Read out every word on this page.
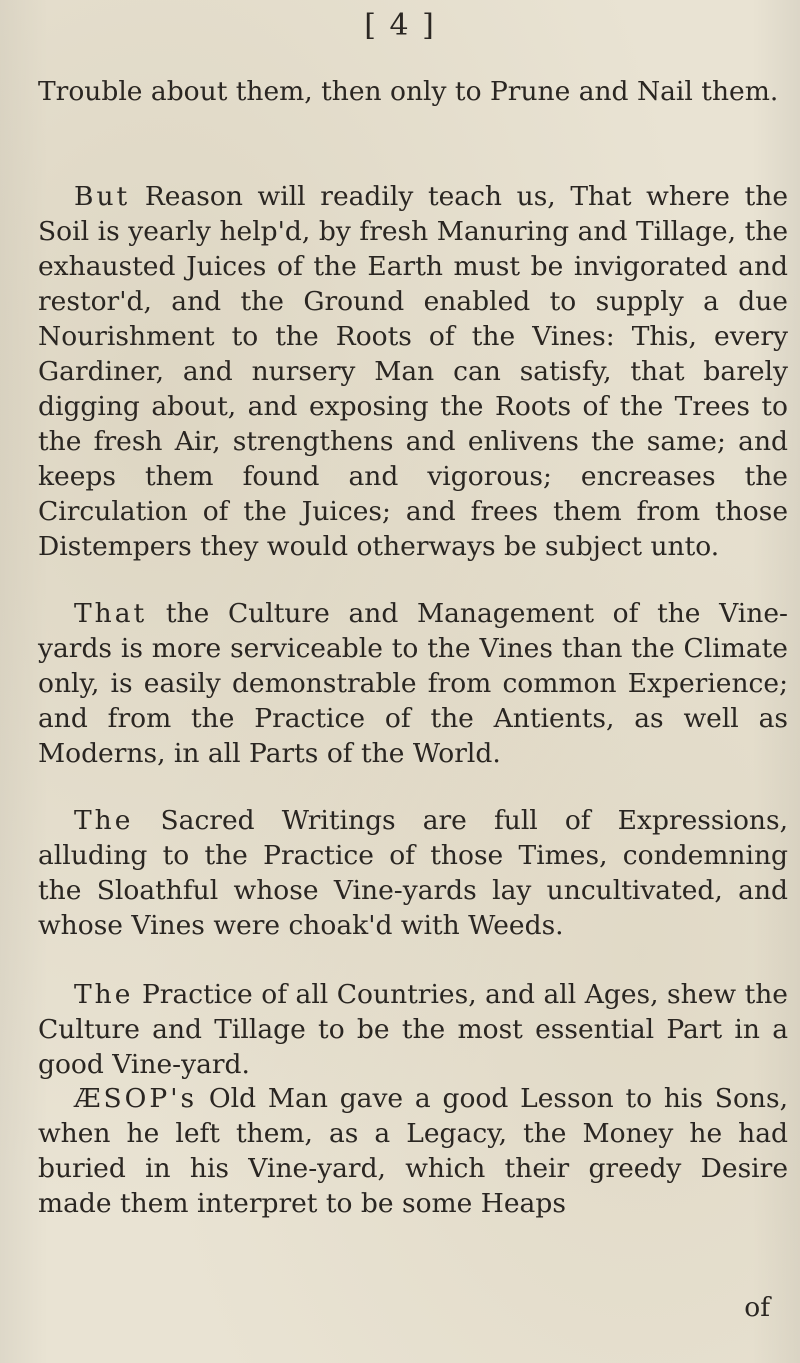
[ 4 ]

Trouble about them, then only to Prune and Nail them.

But Reason will readily teach us, That where the Soil is yearly help'd, by fresh Manuring and Tillage, the exhausted Juices of the Earth must be invigorated and restor'd, and the Ground enabled to supply a due Nourishment to the Roots of the Vines: This, every Gardiner, and nursery Man can satisfy, that barely digging about, and exposing the Roots of the Trees to the fresh Air, strengthens and enlivens the same; and keeps them found and vigorous; encreases the Circulation of the Juices; and frees them from those Distempers they would otherways be subject unto.

That the Culture and Management of the Vine-yards is more serviceable to the Vines than the Climate only, is easily demonstrable from common Experience; and from the Practice of the Antients, as well as Moderns, in all Parts of the World.

The Sacred Writings are full of Expressions, alluding to the Practice of those Times, condemning the Sloathful whose Vine-yards lay uncultivated, and whose Vines were choak'd with Weeds.

The Practice of all Countries, and all Ages, shew the Culture and Tillage to be the most essential Part in a good Vine-yard.

ÆSOP's Old Man gave a good Lesson to his Sons, when he left them, as a Legacy, the Money he had buried in his Vine-yard, which their greedy Desire made them interpret to be some Heaps

of
